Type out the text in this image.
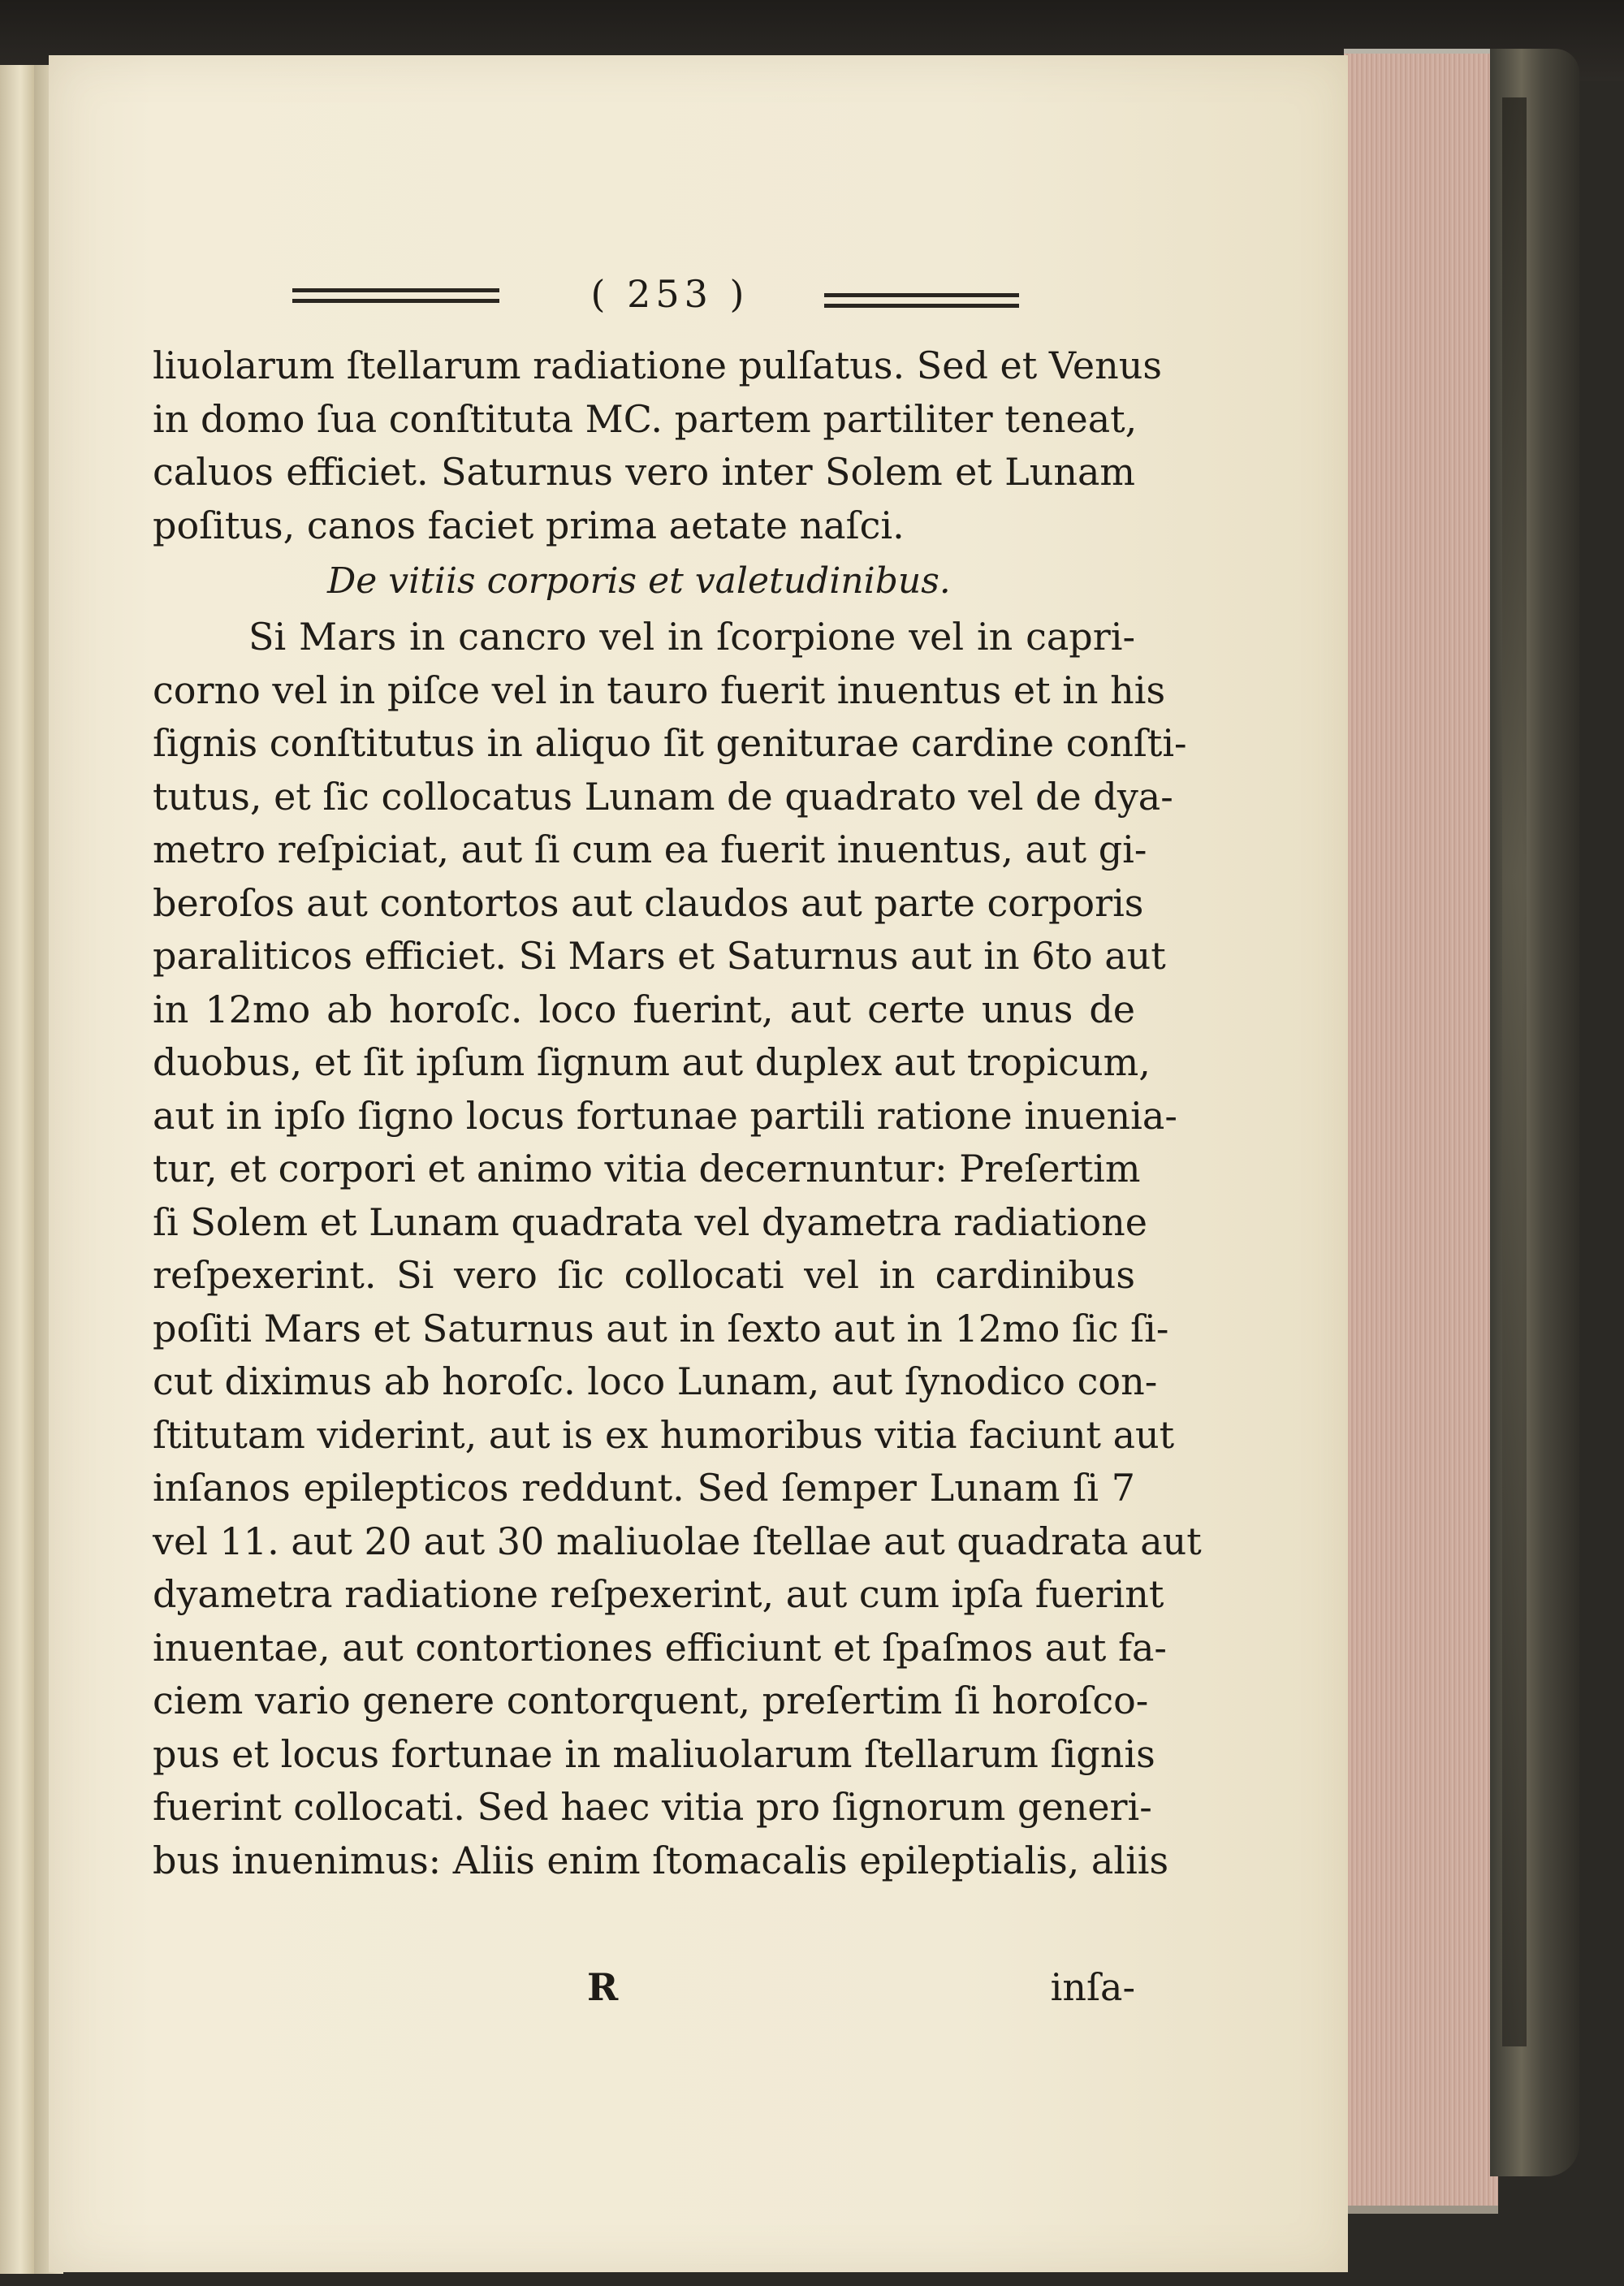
( 253 )
liuolarum ſtellarum radiatione pulſatus. Sed et Venus
in domo ſua conſtituta MC. partem partiliter teneat,
caluos efficiet. Saturnus vero inter Solem et Lunam
poſitus, canos faciet prima aetate naſci.
De vitiis corporis et valetudinibus.
Si Mars in cancro vel in ſcorpione vel in capri-
corno vel in piſce vel in tauro fuerit inuentus et in his
ſignis conſtitutus in aliquo ſit geniturae cardine conſti-
tutus, et ſic collocatus Lunam de quadrato vel de dya-
metro reſpiciat, aut ſi cum ea fuerit inuentus, aut gi-
beroſos aut contortos aut claudos aut parte corporis
paraliticos efficiet. Si Mars et Saturnus aut in 6to aut
in 12mo ab horoſc. loco fuerint, aut certe unus de
duobus, et ſit ipſum ſignum aut duplex aut tropicum,
aut in ipſo ſigno locus fortunae partili ratione inuenia-
tur, et corpori et animo vitia decernuntur: Preſertim
ſi Solem et Lunam quadrata vel dyametra radiatione
reſpexerint. Si vero ſic collocati vel in cardinibus
poſiti Mars et Saturnus aut in ſexto aut in 12mo ſic ſi-
cut diximus ab horoſc. loco Lunam, aut ſynodico con-
ſtitutam viderint, aut is ex humoribus vitia faciunt aut
inſanos epilepticos reddunt. Sed ſemper Lunam ſi 7
vel 11. aut 20 aut 30 maliuolae ſtellae aut quadrata aut
dyametra radiatione reſpexerint, aut cum ipſa fuerint
inuentae, aut contortiones efficiunt et ſpaſmos aut fa-
ciem vario genere contorquent, preſertim ſi horoſco-
pus et locus fortunae in maliuolarum ſtellarum ſignis
fuerint collocati. Sed haec vitia pro ſignorum generi-
bus inuenimus: Aliis enim ſtomacalis epileptialis, aliis
R	inſa-
